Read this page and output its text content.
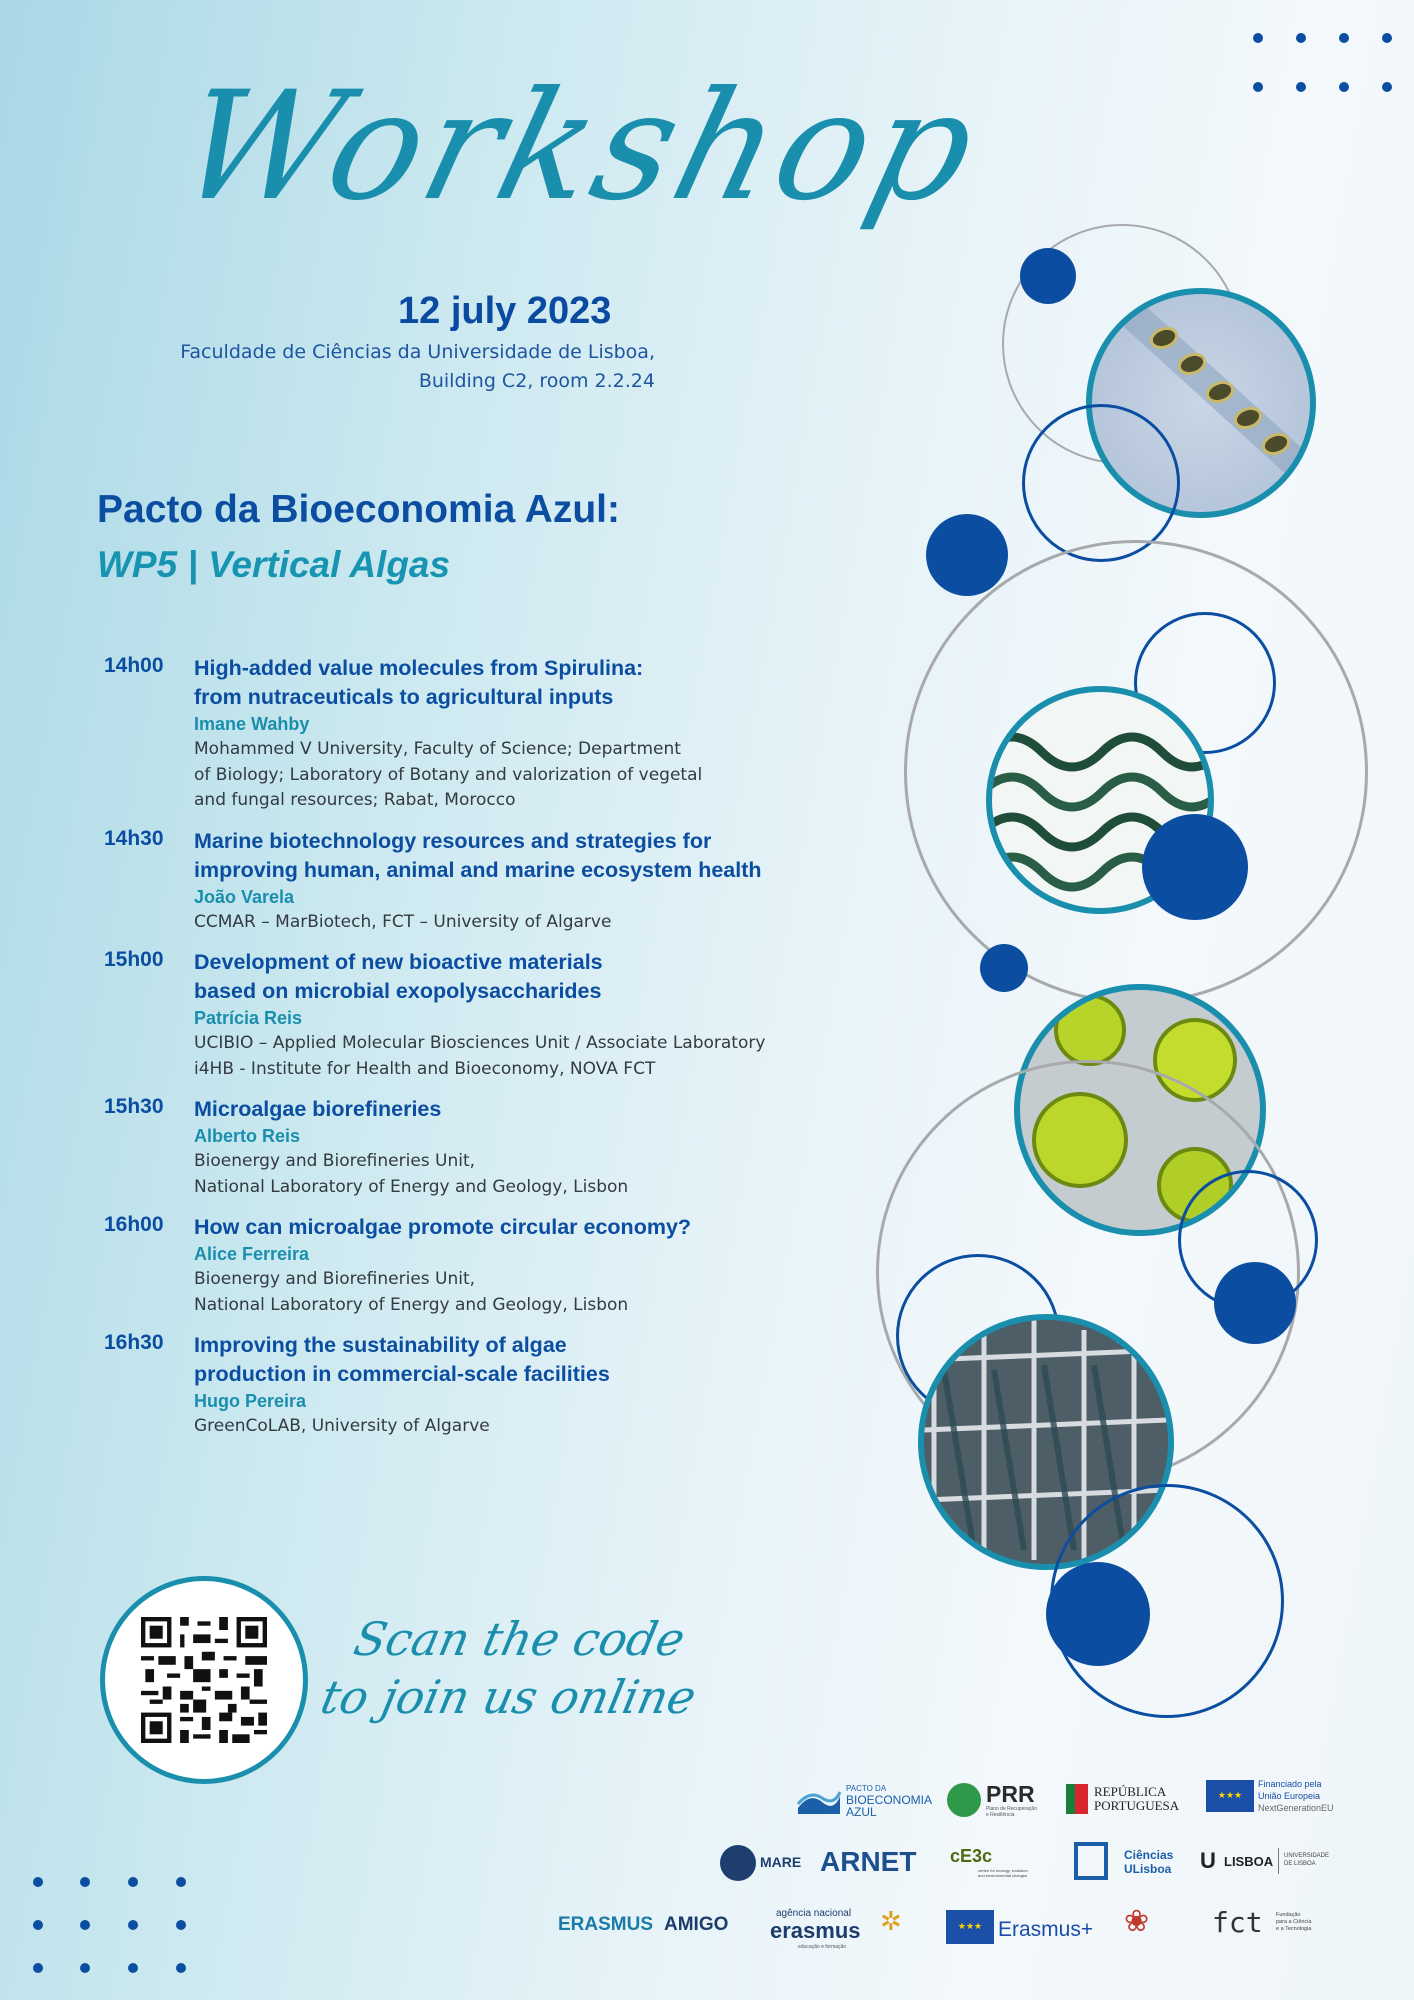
Workshop
12 july 2023
Faculdade de Ciências da Universidade de Lisboa,
Building C2, room 2.2.24
Pacto da Bioeconomia Azul:
WP5 | Vertical Algas
14h00 High-added value molecules from Spirulina:
from nutraceuticals to agricultural inputs
Imane Wahby
Mohammed V University, Faculty of Science; Department
of Biology; Laboratory of Botany and valorization of vegetal
and fungal resources; Rabat, Morocco
14h30 Marine biotechnology resources and strategies for
improving human, animal and marine ecosystem health
João Varela
CCMAR – MarBiotech, FCT – University of Algarve
15h00 Development of new bioactive materials
based on microbial exopolysaccharides
Patrícia Reis
UCIBIO – Applied Molecular Biosciences Unit / Associate Laboratory
i4HB - Institute for Health and Bioeconomy, NOVA FCT
15h30 Microalgae biorefineries
Alberto Reis
Bioenergy and Biorefineries Unit,
National Laboratory of Energy and Geology, Lisbon
16h00 How can microalgae promote circular economy?
Alice Ferreira
Bioenergy and Biorefineries Unit,
National Laboratory of Energy and Geology, Lisbon
16h30 Improving the sustainability of algae
production in commercial-scale facilities
Hugo Pereira
GreenCoLAB, University of Algarve
Scan the code
to join us online
PACTO DA
BIOECONOMIA
AZUL
PRR
Plano de Recuperação
e Resiliência
REPÚBLICA
PORTUGUESA
★★★
Financiado pela
União Europeia
NextGenerationEU
MARE ARNET cE3c
centre for ecology, evolution
and environmental changes
Ciências
ULisboa U LISBOA UNIVERSIDADE
DE LISBOA
ERASMUS AMIGO
agência nacional
erasmus
educação e formação
✲	★★★ Erasmus+ ❀ fct Fundação
para a Ciência
e a Tecnologia
